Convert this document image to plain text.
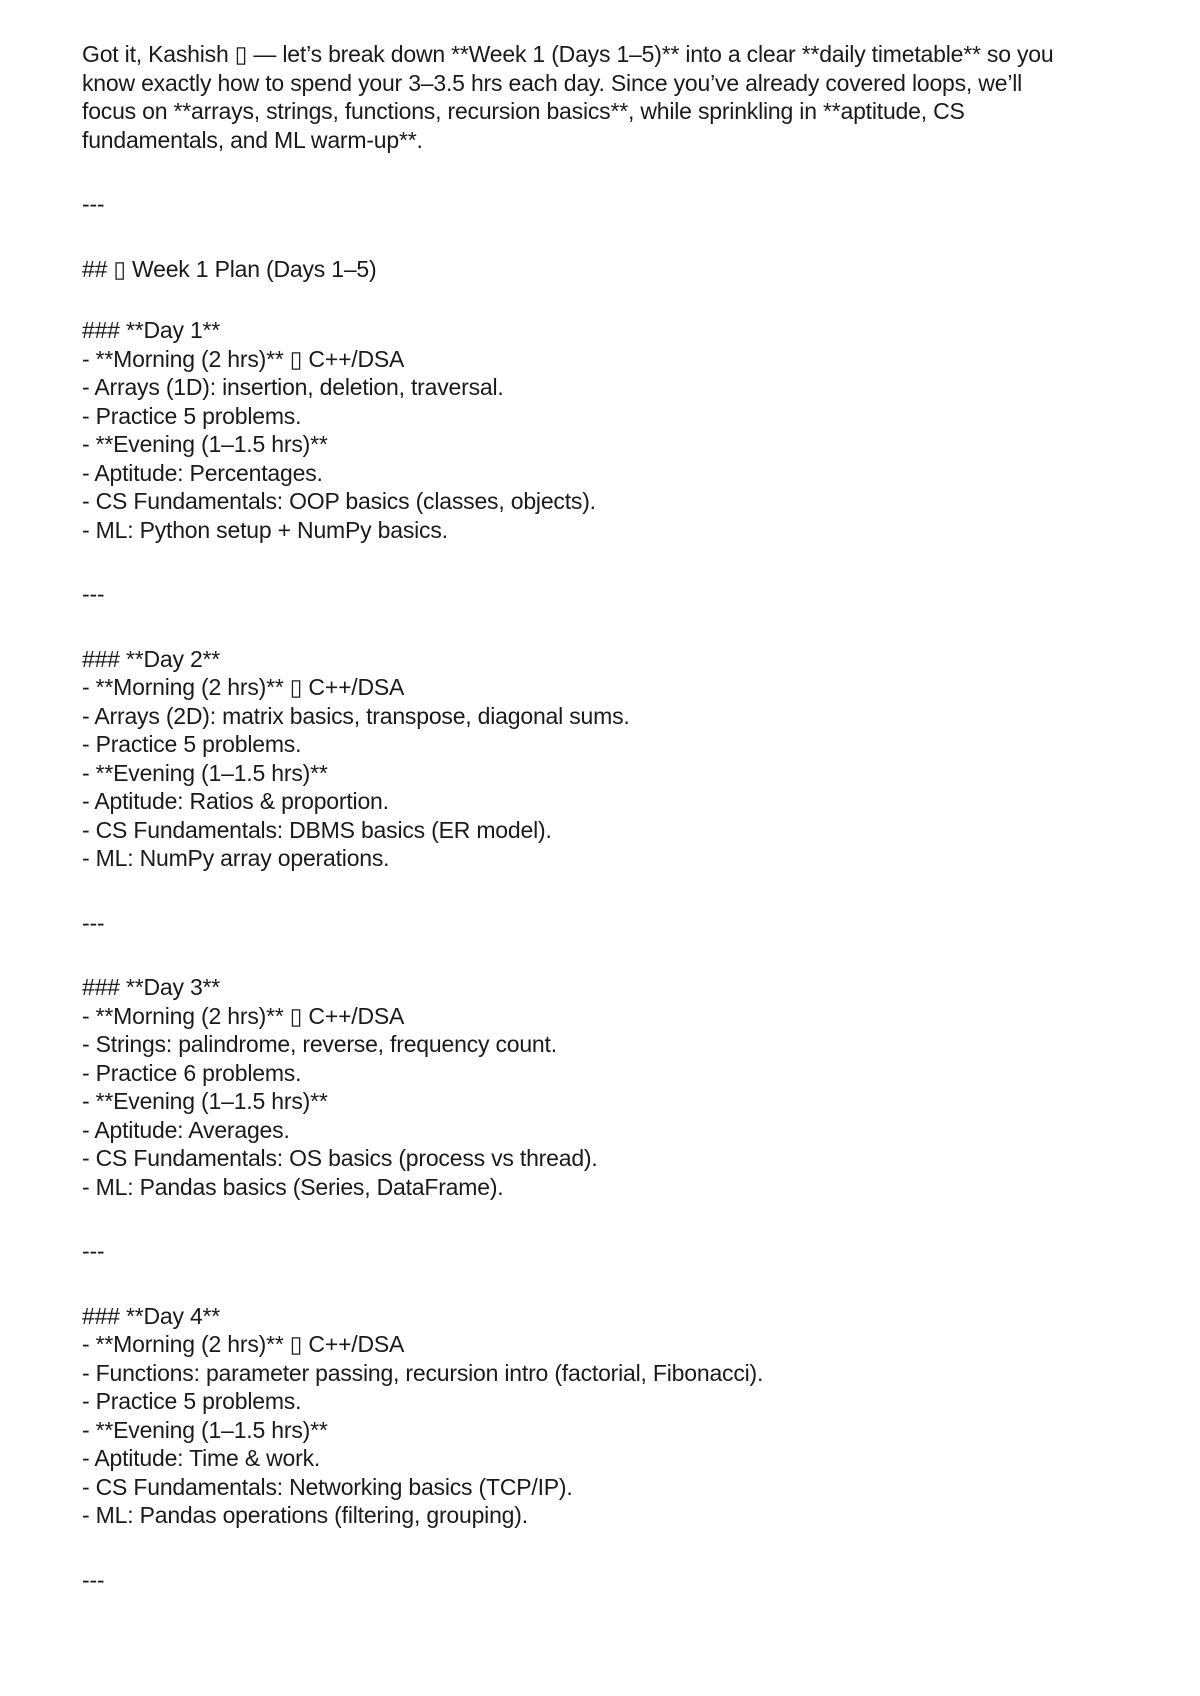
Got it, Kashish ▯ — let’s break down **Week 1 (Days 1–5)** into a clear **daily timetable** so you

know exactly how to spend your 3–3.5 hrs each day. Since you’ve already covered loops, we’ll

focus on **arrays, strings, functions, recursion basics**, while sprinkling in **aptitude, CS

fundamentals, and ML warm-up**.

---

## ▯ Week 1 Plan (Days 1–5)

### **Day 1**

- **Morning (2 hrs)** ▯ C++/DSA

- Arrays (1D): insertion, deletion, traversal.

- Practice 5 problems.

- **Evening (1–1.5 hrs)**

- Aptitude: Percentages.

- CS Fundamentals: OOP basics (classes, objects).

- ML: Python setup + NumPy basics.

---

### **Day 2**

- **Morning (2 hrs)** ▯ C++/DSA

- Arrays (2D): matrix basics, transpose, diagonal sums.

- Practice 5 problems.

- **Evening (1–1.5 hrs)**

- Aptitude: Ratios & proportion.

- CS Fundamentals: DBMS basics (ER model).

- ML: NumPy array operations.

---

### **Day 3**

- **Morning (2 hrs)** ▯ C++/DSA

- Strings: palindrome, reverse, frequency count.

- Practice 6 problems.

- **Evening (1–1.5 hrs)**

- Aptitude: Averages.

- CS Fundamentals: OS basics (process vs thread).

- ML: Pandas basics (Series, DataFrame).

---

### **Day 4**

- **Morning (2 hrs)** ▯ C++/DSA

- Functions: parameter passing, recursion intro (factorial, Fibonacci).

- Practice 5 problems.

- **Evening (1–1.5 hrs)**

- Aptitude: Time & work.

- CS Fundamentals: Networking basics (TCP/IP).

- ML: Pandas operations (filtering, grouping).

---
